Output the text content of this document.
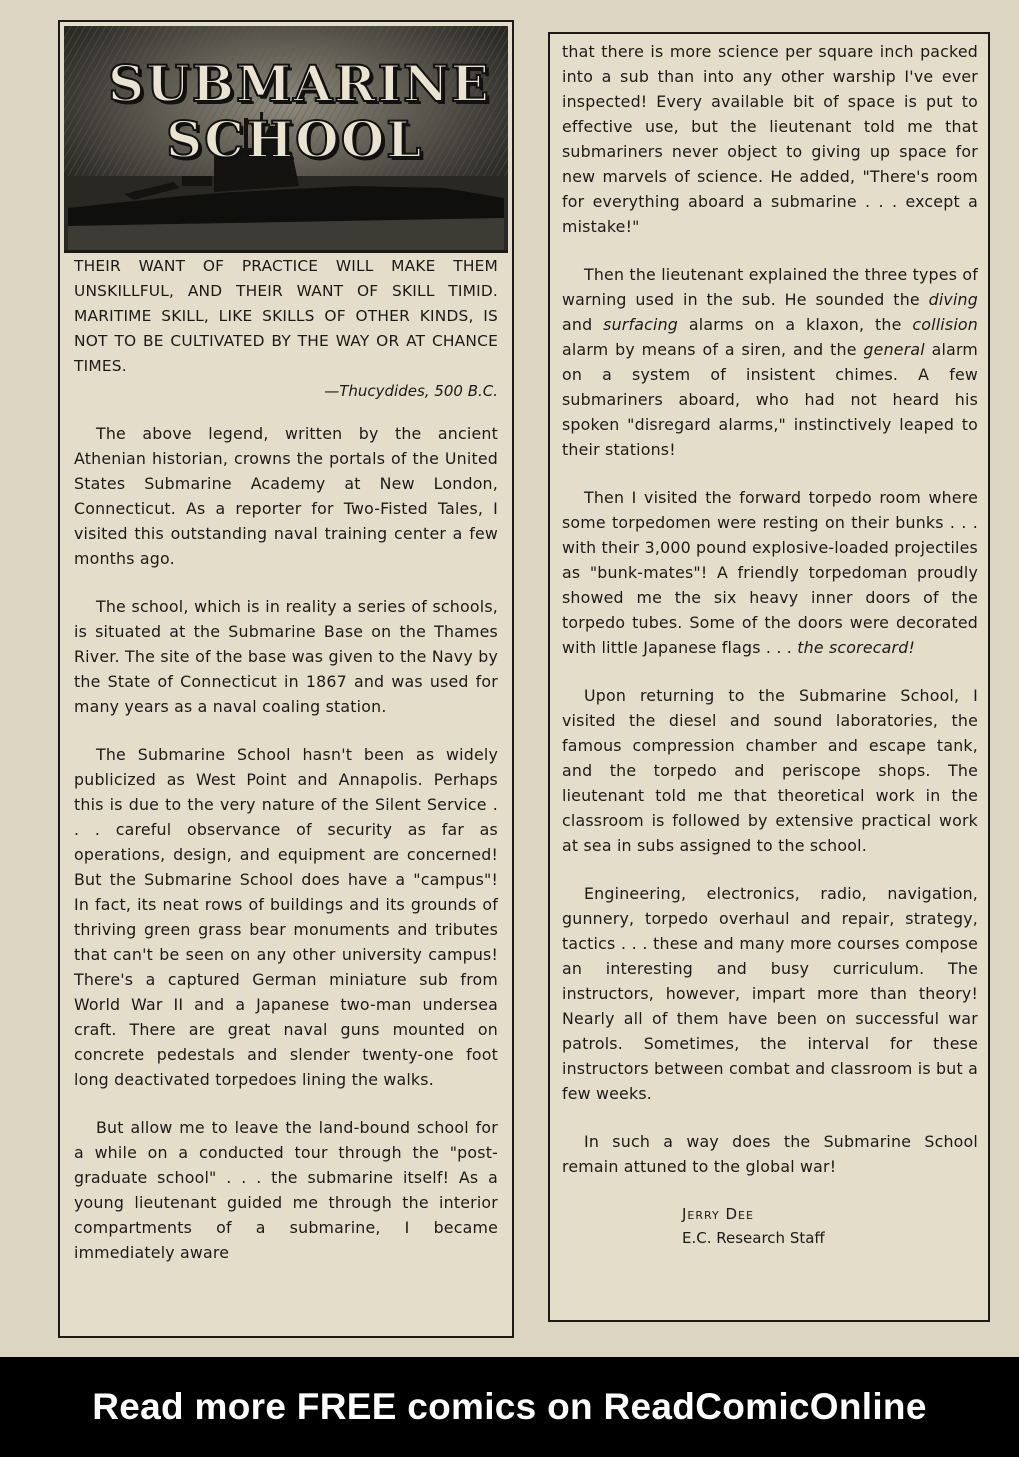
SUBMARINE
SCHOOL

THEIR WANT OF PRACTICE WILL MAKE THEM UNSKILLFUL, AND THEIR WANT OF SKILL TIMID. MARITIME SKILL, LIKE SKILLS OF OTHER KINDS, IS NOT TO BE CULTIVATED BY THE WAY OR AT CHANCE TIMES.

—Thucydides, 500 B.C.

The above legend, written by the ancient Athenian historian, crowns the portals of the United States Submarine Academy at New London, Connecticut. As a reporter for Two-Fisted Tales, I visited this outstanding naval training center a few months ago.

The school, which is in reality a series of schools, is situated at the Submarine Base on the Thames River. The site of the base was given to the Navy by the State of Connecticut in 1867 and was used for many years as a naval coaling station.

The Submarine School hasn't been as widely publicized as West Point and Annapolis. Perhaps this is due to the very nature of the Silent Service . . . careful observance of security as far as operations, design, and equipment are concerned! But the Submarine School does have a "campus"! In fact, its neat rows of buildings and its grounds of thriving green grass bear monuments and tributes that can't be seen on any other university campus! There's a captured German miniature sub from World War II and a Japanese two-man undersea craft. There are great naval guns mounted on concrete pedestals and slender twenty-one foot long deactivated torpedoes lining the walks.

But allow me to leave the land-bound school for a while on a conducted tour through the "post-graduate school" . . . the submarine itself! As a young lieutenant guided me through the interior compartments of a submarine, I became immediately aware

that there is more science per square inch packed into a sub than into any other warship I've ever inspected! Every available bit of space is put to effective use, but the lieutenant told me that submariners never object to giving up space for new marvels of science. He added, "There's room for everything aboard a submarine . . . except a mistake!"

Then the lieutenant explained the three types of warning used in the sub. He sounded the diving and surfacing alarms on a klaxon, the collision alarm by means of a siren, and the general alarm on a system of insistent chimes. A few submariners aboard, who had not heard his spoken "disregard alarms," instinctively leaped to their stations!

Then I visited the forward torpedo room where some torpedomen were resting on their bunks . . . with their 3,000 pound explosive-loaded projectiles as "bunk-mates"! A friendly torpedoman proudly showed me the six heavy inner doors of the torpedo tubes. Some of the doors were decorated with little Japanese flags . . . the scorecard!

Upon returning to the Submarine School, I visited the diesel and sound laboratories, the famous compression chamber and escape tank, and the torpedo and periscope shops. The lieutenant told me that theoretical work in the classroom is followed by extensive practical work at sea in subs assigned to the school.

Engineering, electronics, radio, navigation, gunnery, torpedo overhaul and repair, strategy, tactics . . . these and many more courses compose an interesting and busy curriculum. The instructors, however, impart more than theory! Nearly all of them have been on successful war patrols. Sometimes, the interval for these instructors between combat and classroom is but a few weeks.

In such a way does the Submarine School remain attuned to the global war!

Jerry Dee
E.C. Research Staff
Read more FREE comics on ReadComicOnline
